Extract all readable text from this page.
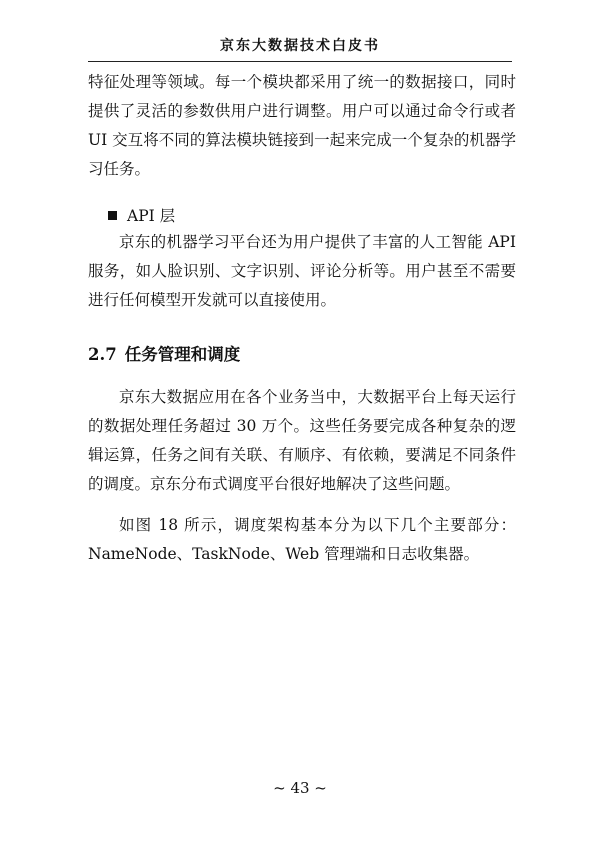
京东大数据技术白皮书
特征处理等领域。每一个模块都采用了统一的数据接口，同时提供了灵活的参数供用户进行调整。用户可以通过命令行或者 UI 交互将不同的算法模块链接到一起来完成一个复杂的机器学习任务。
API 层
京东的机器学习平台还为用户提供了丰富的人工智能 API 服务，如人脸识别、文字识别、评论分析等。用户甚至不需要进行任何模型开发就可以直接使用。
2.7 任务管理和调度
京东大数据应用在各个业务当中，大数据平台上每天运行的数据处理任务超过 30 万个。这些任务要完成各种复杂的逻辑运算，任务之间有关联、有顺序、有依赖，要满足不同条件的调度。京东分布式调度平台很好地解决了这些问题。
如图 18 所示，调度架构基本分为以下几个主要部分：NameNode、TaskNode、Web 管理端和日志收集器。
~ 43 ~
